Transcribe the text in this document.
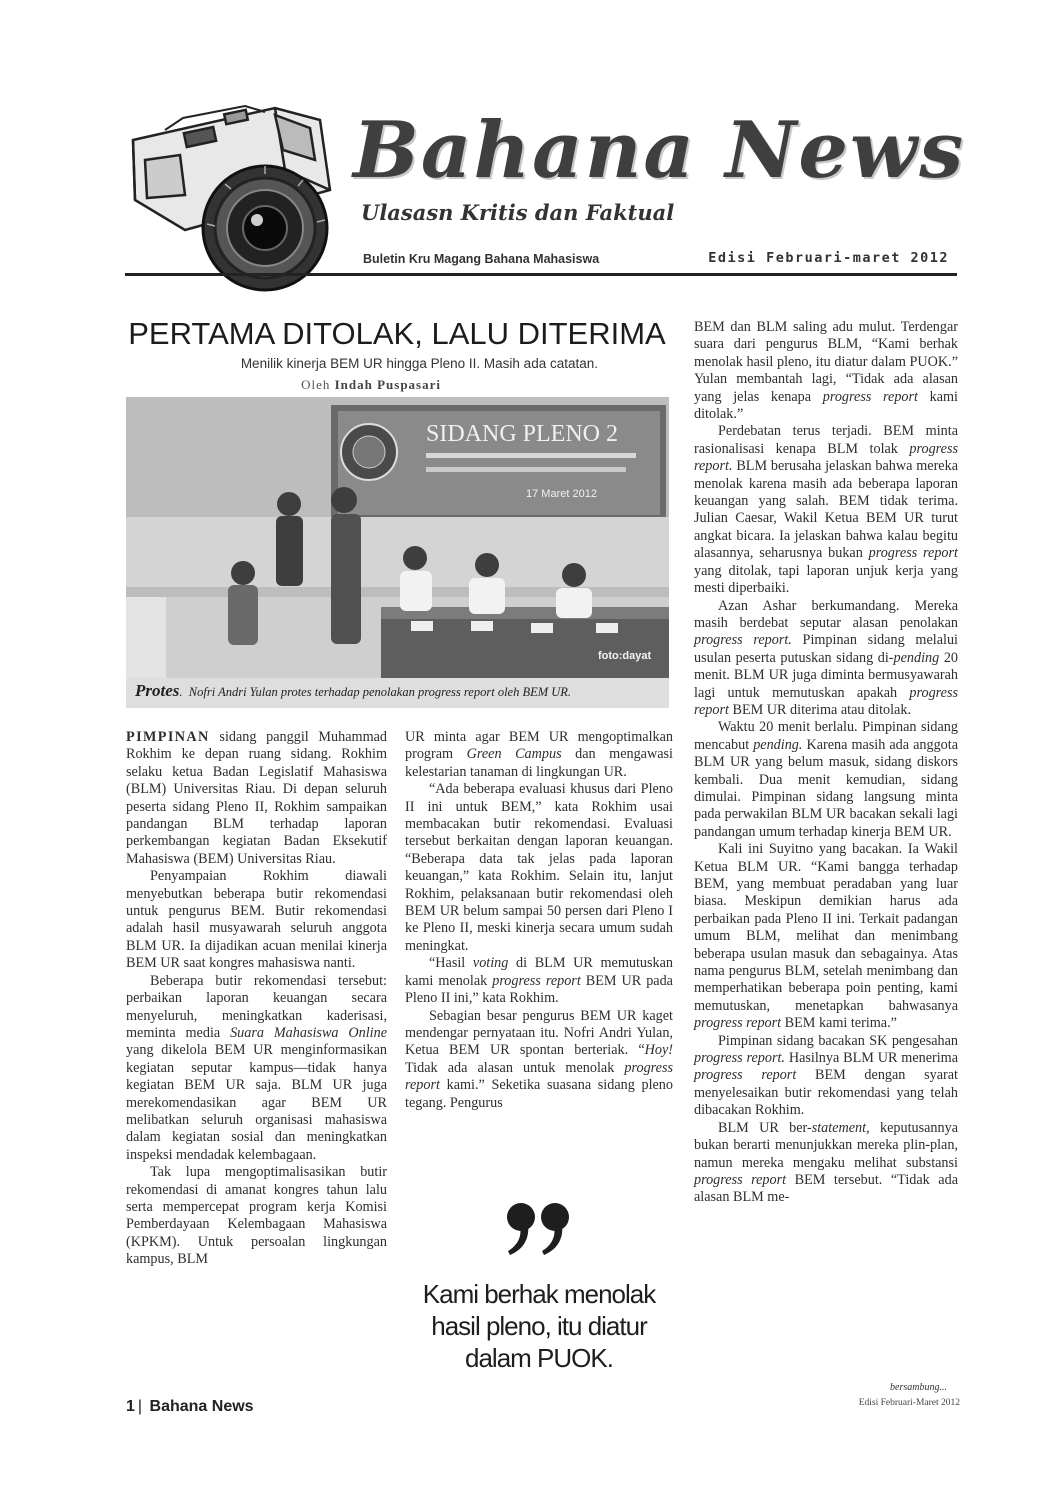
Bahana News
Ulasasn Kritis dan Faktual
Buletin Kru Magang Bahana Mahasiswa	Edisi Februari-maret 2012
PERTAMA DITOLAK, LALU DITERIMA
Menilik kinerja BEM UR hingga Pleno II. Masih ada catatan.
Oleh Indah Puspasari
SIDANG PLENO 2
17 Maret 2012
foto:dayat
Protes.  Nofri Andri Yulan protes terhadap penolakan progress report oleh BEM UR.

PIMPINAN sidang panggil Muhammad Rokhim ke depan ruang sidang. Rokhim selaku ketua Badan Legislatif Mahasiswa (BLM) Universitas Riau. Di depan seluruh peserta sidang Pleno II, Rokhim sampaikan pandangan BLM terhadap laporan perkembangan kegiatan Badan Eksekutif Mahasiswa (BEM) Universitas Riau.

Penyampaian Rokhim diawali menyebutkan beberapa butir rekomendasi untuk pengurus BEM. Butir rekomendasi adalah hasil musyawarah seluruh anggota BLM UR. Ia dijadikan acuan menilai kinerja BEM UR saat kongres mahasiswa nanti.

Beberapa butir rekomendasi tersebut: perbaikan laporan keuangan secara menyeluruh, meningkatkan kaderisasi, meminta media Suara Mahasiswa Online yang dikelola BEM UR menginformasikan kegiatan seputar kampus—tidak hanya kegiatan BEM UR saja. BLM UR juga merekomendasikan agar BEM UR melibatkan seluruh organisasi mahasiswa dalam kegiatan sosial dan meningkatkan inspeksi mendadak kelembagaan.

Tak lupa mengoptimalisasikan butir rekomendasi di amanat kongres tahun lalu serta mempercepat program kerja Komisi Pemberdayaan Kelembagaan Mahasiswa (KPKM). Untuk persoalan lingkungan kampus, BLM

UR minta agar BEM UR mengoptimalkan program Green Campus dan mengawasi kelestarian tanaman di lingkungan UR.

“Ada beberapa evaluasi khusus dari Pleno II ini untuk BEM,” kata Rokhim usai membacakan butir rekomendasi. Evaluasi tersebut berkaitan dengan laporan keuangan. “Beberapa data tak jelas pada laporan keuangan,” kata Rokhim. Selain itu, lanjut Rokhim, pelaksanaan butir rekomendasi oleh BEM UR belum sampai 50 persen dari Pleno I ke Pleno II, meski kinerja secara umum sudah meningkat.

“Hasil voting di BLM UR memutuskan kami menolak progress report BEM UR pada Pleno II ini,” kata Rokhim.

Sebagian besar pengurus BEM UR kaget mendengar pernyataan itu. Nofri Andri Yulan, Ketua BEM UR spontan berteriak. “Hoy! Tidak ada alasan untuk menolak progress report kami.” Seketika suasana sidang pleno tegang. Pengurus

Kami berhak menolak hasil pleno, itu diatur dalam PUOK.

BEM dan BLM saling adu mulut. Terdengar suara dari pengurus BLM, “Kami berhak menolak hasil pleno, itu diatur dalam PUOK.” Yulan membantah lagi, “Tidak ada alasan yang jelas kenapa progress report kami ditolak.”

Perdebatan terus terjadi. BEM minta rasionalisasi kenapa BLM tolak progress report. BLM berusaha jelaskan bahwa mereka menolak karena masih ada beberapa laporan keuangan yang salah. BEM tidak terima. Julian Caesar, Wakil Ketua BEM UR turut angkat bicara. Ia jelaskan bahwa kalau begitu alasannya, seharusnya bukan progress report yang ditolak, tapi laporan unjuk kerja yang mesti diperbaiki.

Azan Ashar berkumandang. Mereka masih berdebat seputar alasan penolakan progress report. Pimpinan sidang melalui usulan peserta putuskan sidang di-pending 20 menit. BLM UR juga diminta bermusyawarah lagi untuk memutuskan apakah progress report BEM UR diterima atau ditolak.

Waktu 20 menit berlalu. Pimpinan sidang mencabut pending. Karena masih ada anggota BLM UR yang belum masuk, sidang diskors kembali. Dua menit kemudian, sidang dimulai. Pimpinan sidang langsung minta pada perwakilan BLM UR bacakan sekali lagi pandangan umum terhadap kinerja BEM UR.

Kali ini Suyitno yang bacakan. Ia Wakil Ketua BLM UR. “Kami bangga terhadap BEM, yang membuat peradaban yang luar biasa. Meskipun demikian harus ada perbaikan pada Pleno II ini. Terkait padangan umum BLM, melihat dan menimbang beberapa usulan masuk dan sebagainya. Atas nama pengurus BLM, setelah menimbang dan memperhatikan beberapa poin penting, kami memutuskan, menetapkan bahwasanya progress report BEM kami terima.”

Pimpinan sidang bacakan SK pengesahan progress report. Hasilnya BLM UR menerima progress report BEM dengan syarat menyelesaikan butir rekomendasi yang telah dibacakan Rokhim.

BLM UR ber-statement, keputusannya bukan berarti menunjukkan mereka plin-plan, namun mereka mengaku melihat substansi progress report BEM tersebut. “Tidak ada alasan BLM me-

bersambung...
1 | Bahana News	Edisi Februari-Maret 2012
